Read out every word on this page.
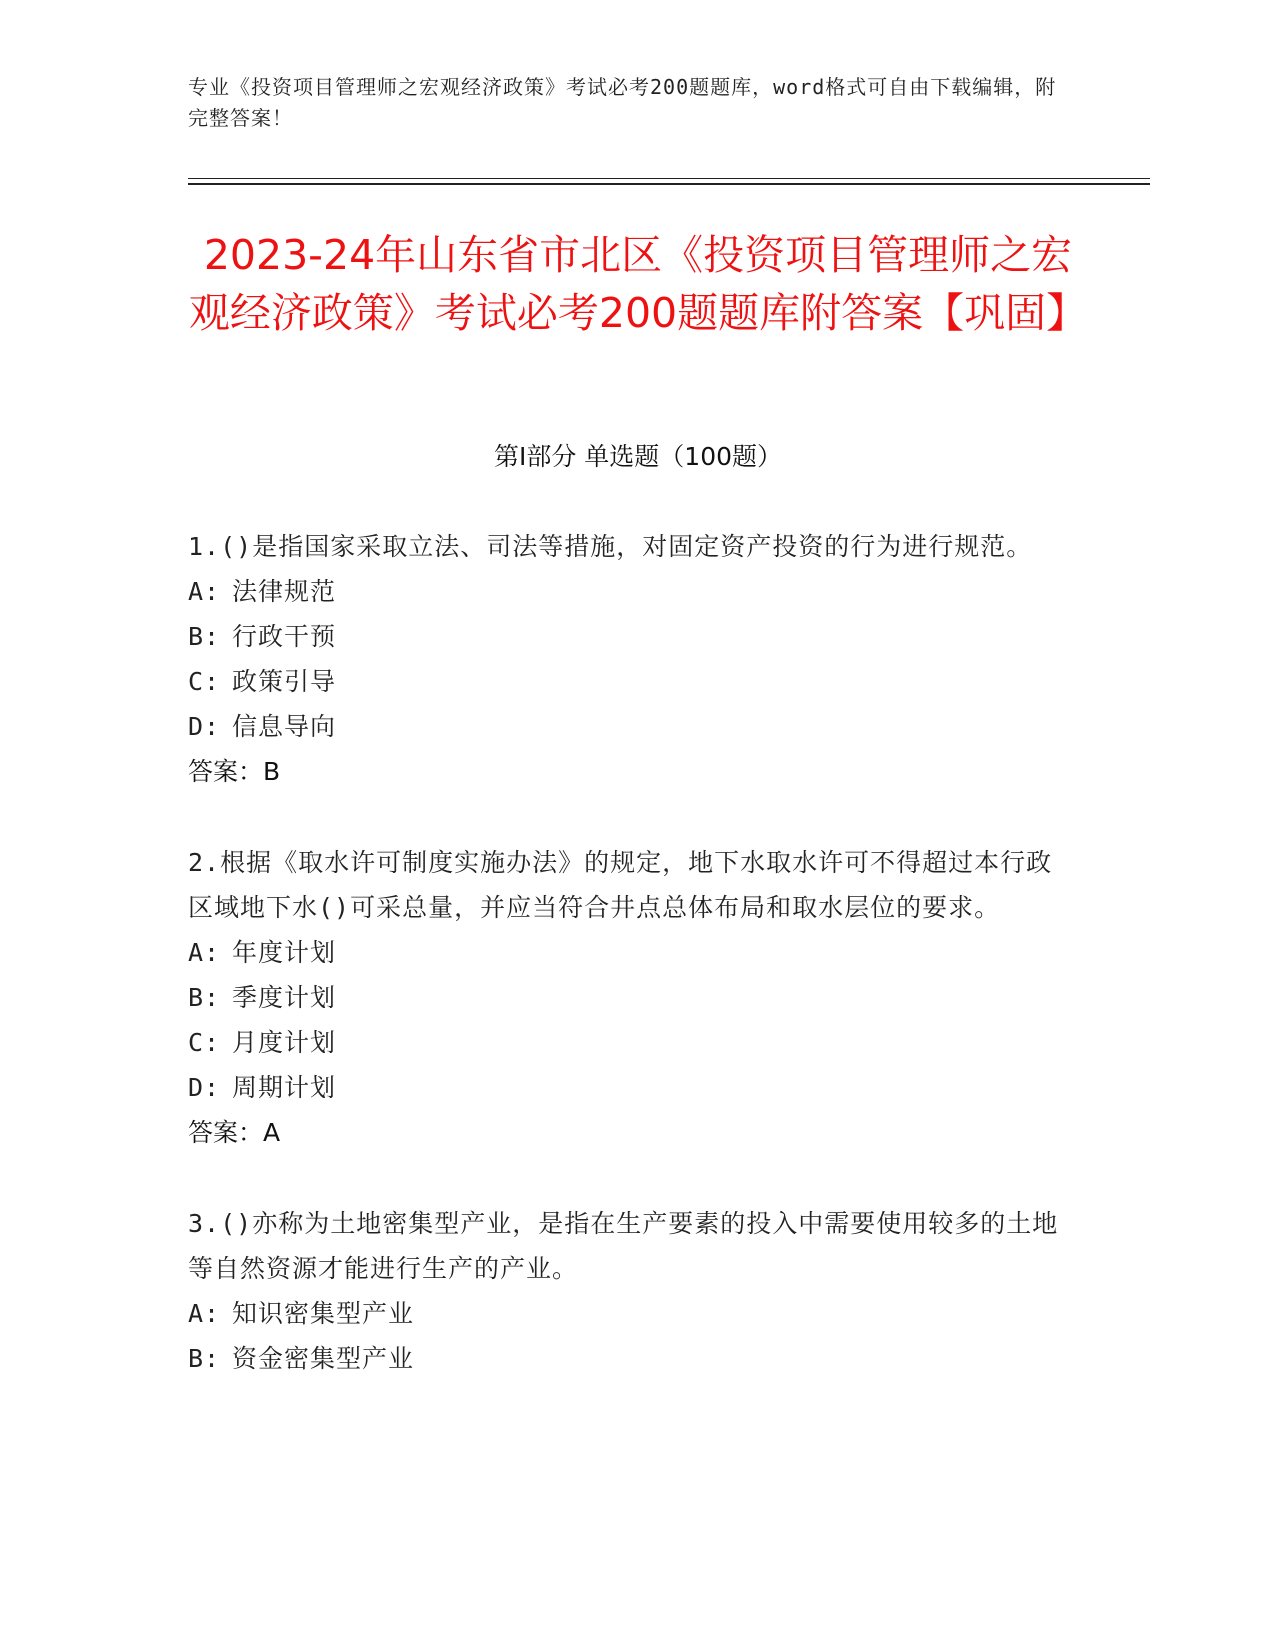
专业《投资项目管理师之宏观经济政策》考试必考200题题库，word格式可自由下载编辑，附完整答案！
2023-24年山东省市北区《投资项目管理师之宏观经济政策》考试必考200题题库附答案【巩固】
第I部分 单选题（100题）

1.()是指国家采取立法、司法等措施，对固定资产投资的行为进行规范。

A: 法律规范

B: 行政干预

C: 政策引导

D: 信息导向

答案：B

2.根据《取水许可制度实施办法》的规定，地下水取水许可不得超过本行政区域地下水()可采总量，并应当符合井点总体布局和取水层位的要求。

A: 年度计划

B: 季度计划

C: 月度计划

D: 周期计划

答案：A

3.()亦称为土地密集型产业，是指在生产要素的投入中需要使用较多的土地等自然资源才能进行生产的产业。

A: 知识密集型产业

B: 资金密集型产业
